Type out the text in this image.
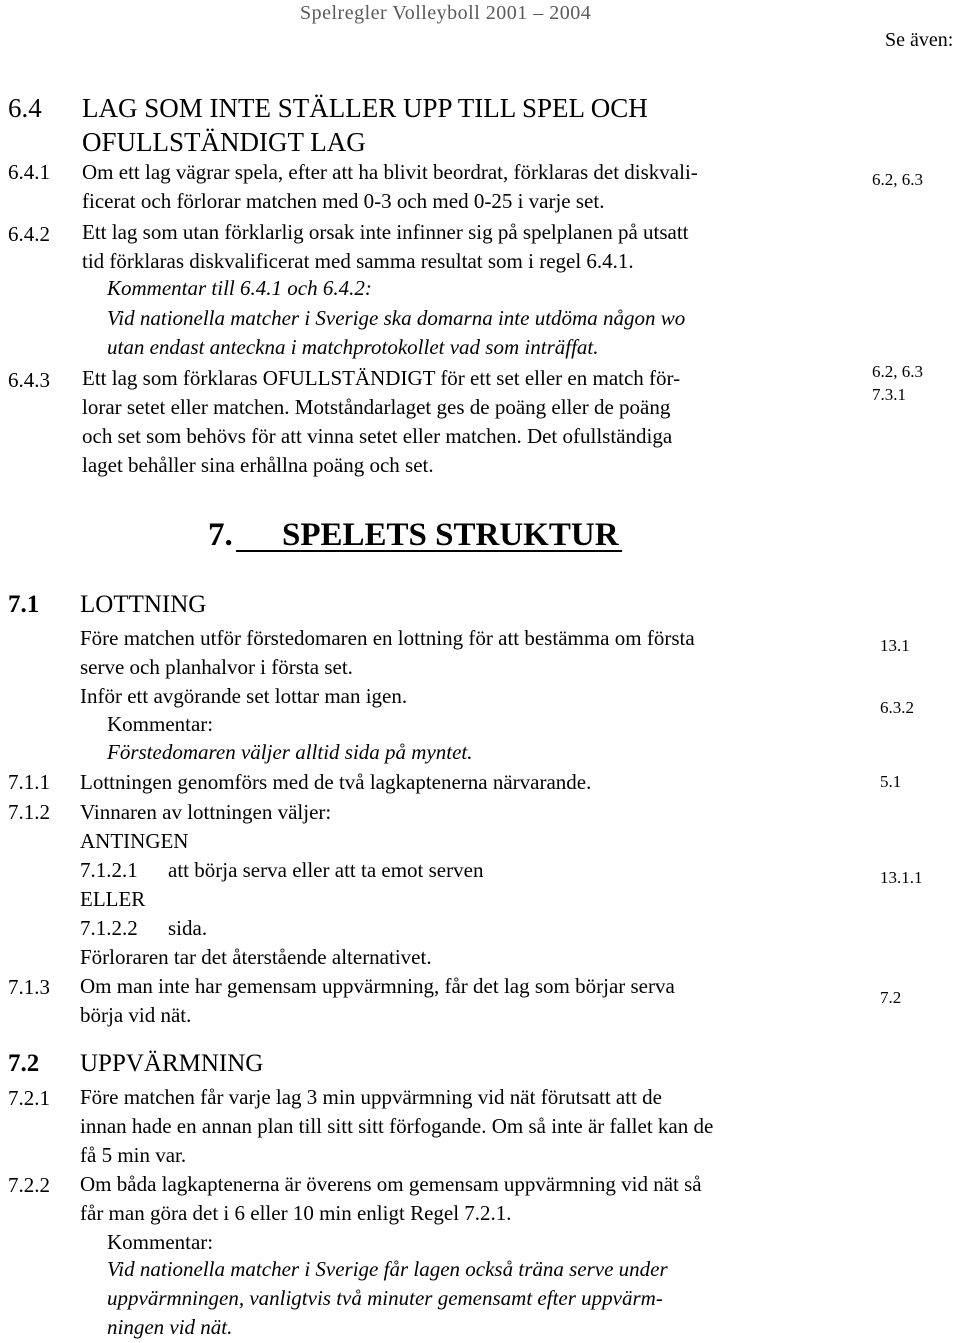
Spelregler Volleyboll 2001 – 2004
Se även:
6.4 LAG SOM INTE STÄLLER UPP TILL SPEL OCH
OFULLSTÄNDIGT LAG
6.4.1 Om ett lag vägrar spela, efter att ha blivit beordrat, förklaras det diskvali-
ficerat och förlorar matchen med 0-3 och med 0-25 i varje set.
6.2, 6.3
6.4.2 Ett lag som utan förklarlig orsak inte infinner sig på spelplanen på utsatt
tid förklaras diskvalificerat med samma resultat som i regel 6.4.1.
Kommentar till 6.4.1 och 6.4.2:
Vid nationella matcher i Sverige ska domarna inte utdöma någon wo
utan endast anteckna i matchprotokollet vad som inträffat.
6.4.3 Ett lag som förklaras OFULLSTÄNDIGT för ett set eller en match för-
lorar setet eller matchen. Motståndarlaget ges de poäng eller de poäng
och set som behövs för att vinna setet eller matchen. Det ofullständiga
laget behåller sina erhållna poäng och set.
6.2, 6.3
7.3.1
7. SPELETS STRUKTUR
7.1 LOTTNING
Före matchen utför förstedomaren en lottning för att bestämma om första
serve och planhalvor i första set.
Inför ett avgörande set lottar man igen.
Kommentar:
Förstedomaren väljer alltid sida på myntet.
13.1
6.3.2
7.1.1 Lottningen genomförs med de två lagkaptenerna närvarande.	5.1
7.1.2 Vinnaren av lottningen väljer:
ANTINGEN
7.1.2.1 att börja serva eller att ta emot serven
ELLER
7.1.2.2 sida.
Förloraren tar det återstående alternativet.
13.1.1
7.1.3 Om man inte har gemensam uppvärmning, får det lag som börjar serva
börja vid nät.
7.2
7.2 UPPVÄRMNING
7.2.1 Före matchen får varje lag 3 min uppvärmning vid nät förutsatt att de
innan hade en annan plan till sitt sitt förfogande. Om så inte är fallet kan de
få 5 min var.
7.2.2 Om båda lagkaptenerna är överens om gemensam uppvärmning vid nät så
får man göra det i 6 eller 10 min enligt Regel 7.2.1.
Kommentar:
Vid nationella matcher i Sverige får lagen också träna serve under
uppvärmningen, vanligtvis två minuter gemensamt efter uppvärm-
ningen vid nät.
